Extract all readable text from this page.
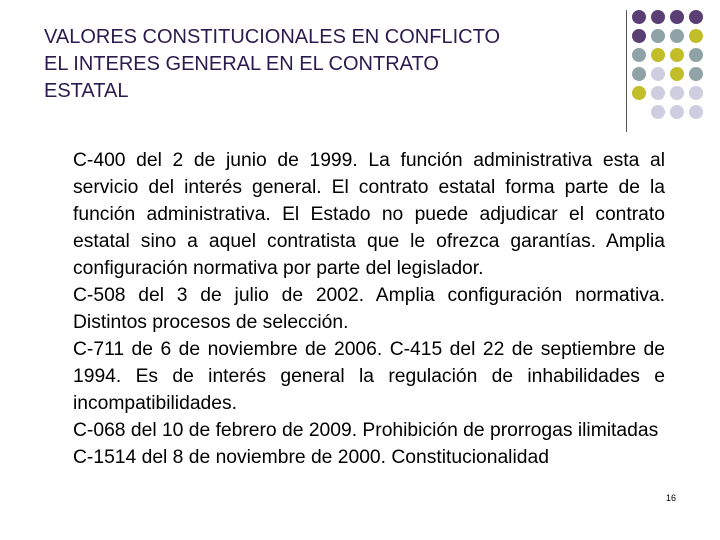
VALORES CONSTITUCIONALES EN CONFLICTO
EL INTERES GENERAL EN EL CONTRATO
ESTATAL

C-400 del 2 de junio de 1999. La función administrativa esta al servicio del interés general. El contrato estatal forma parte de la función administrativa. El Estado no puede adjudicar el contrato estatal sino a aquel contratista que le ofrezca garantías. Amplia configuración normativa por parte del legislador.

C-508 del 3 de julio de 2002. Amplia configuración normativa. Distintos procesos de selección.

C-711 de 6 de noviembre de 2006. C-415 del 22 de septiembre de 1994. Es de interés general la regulación de inhabilidades e incompatibilidades.

C-068 del 10 de febrero de 2009. Prohibición de prorrogas ilimitadas

C-1514 del 8 de noviembre de 2000. Constitucionalidad

16
